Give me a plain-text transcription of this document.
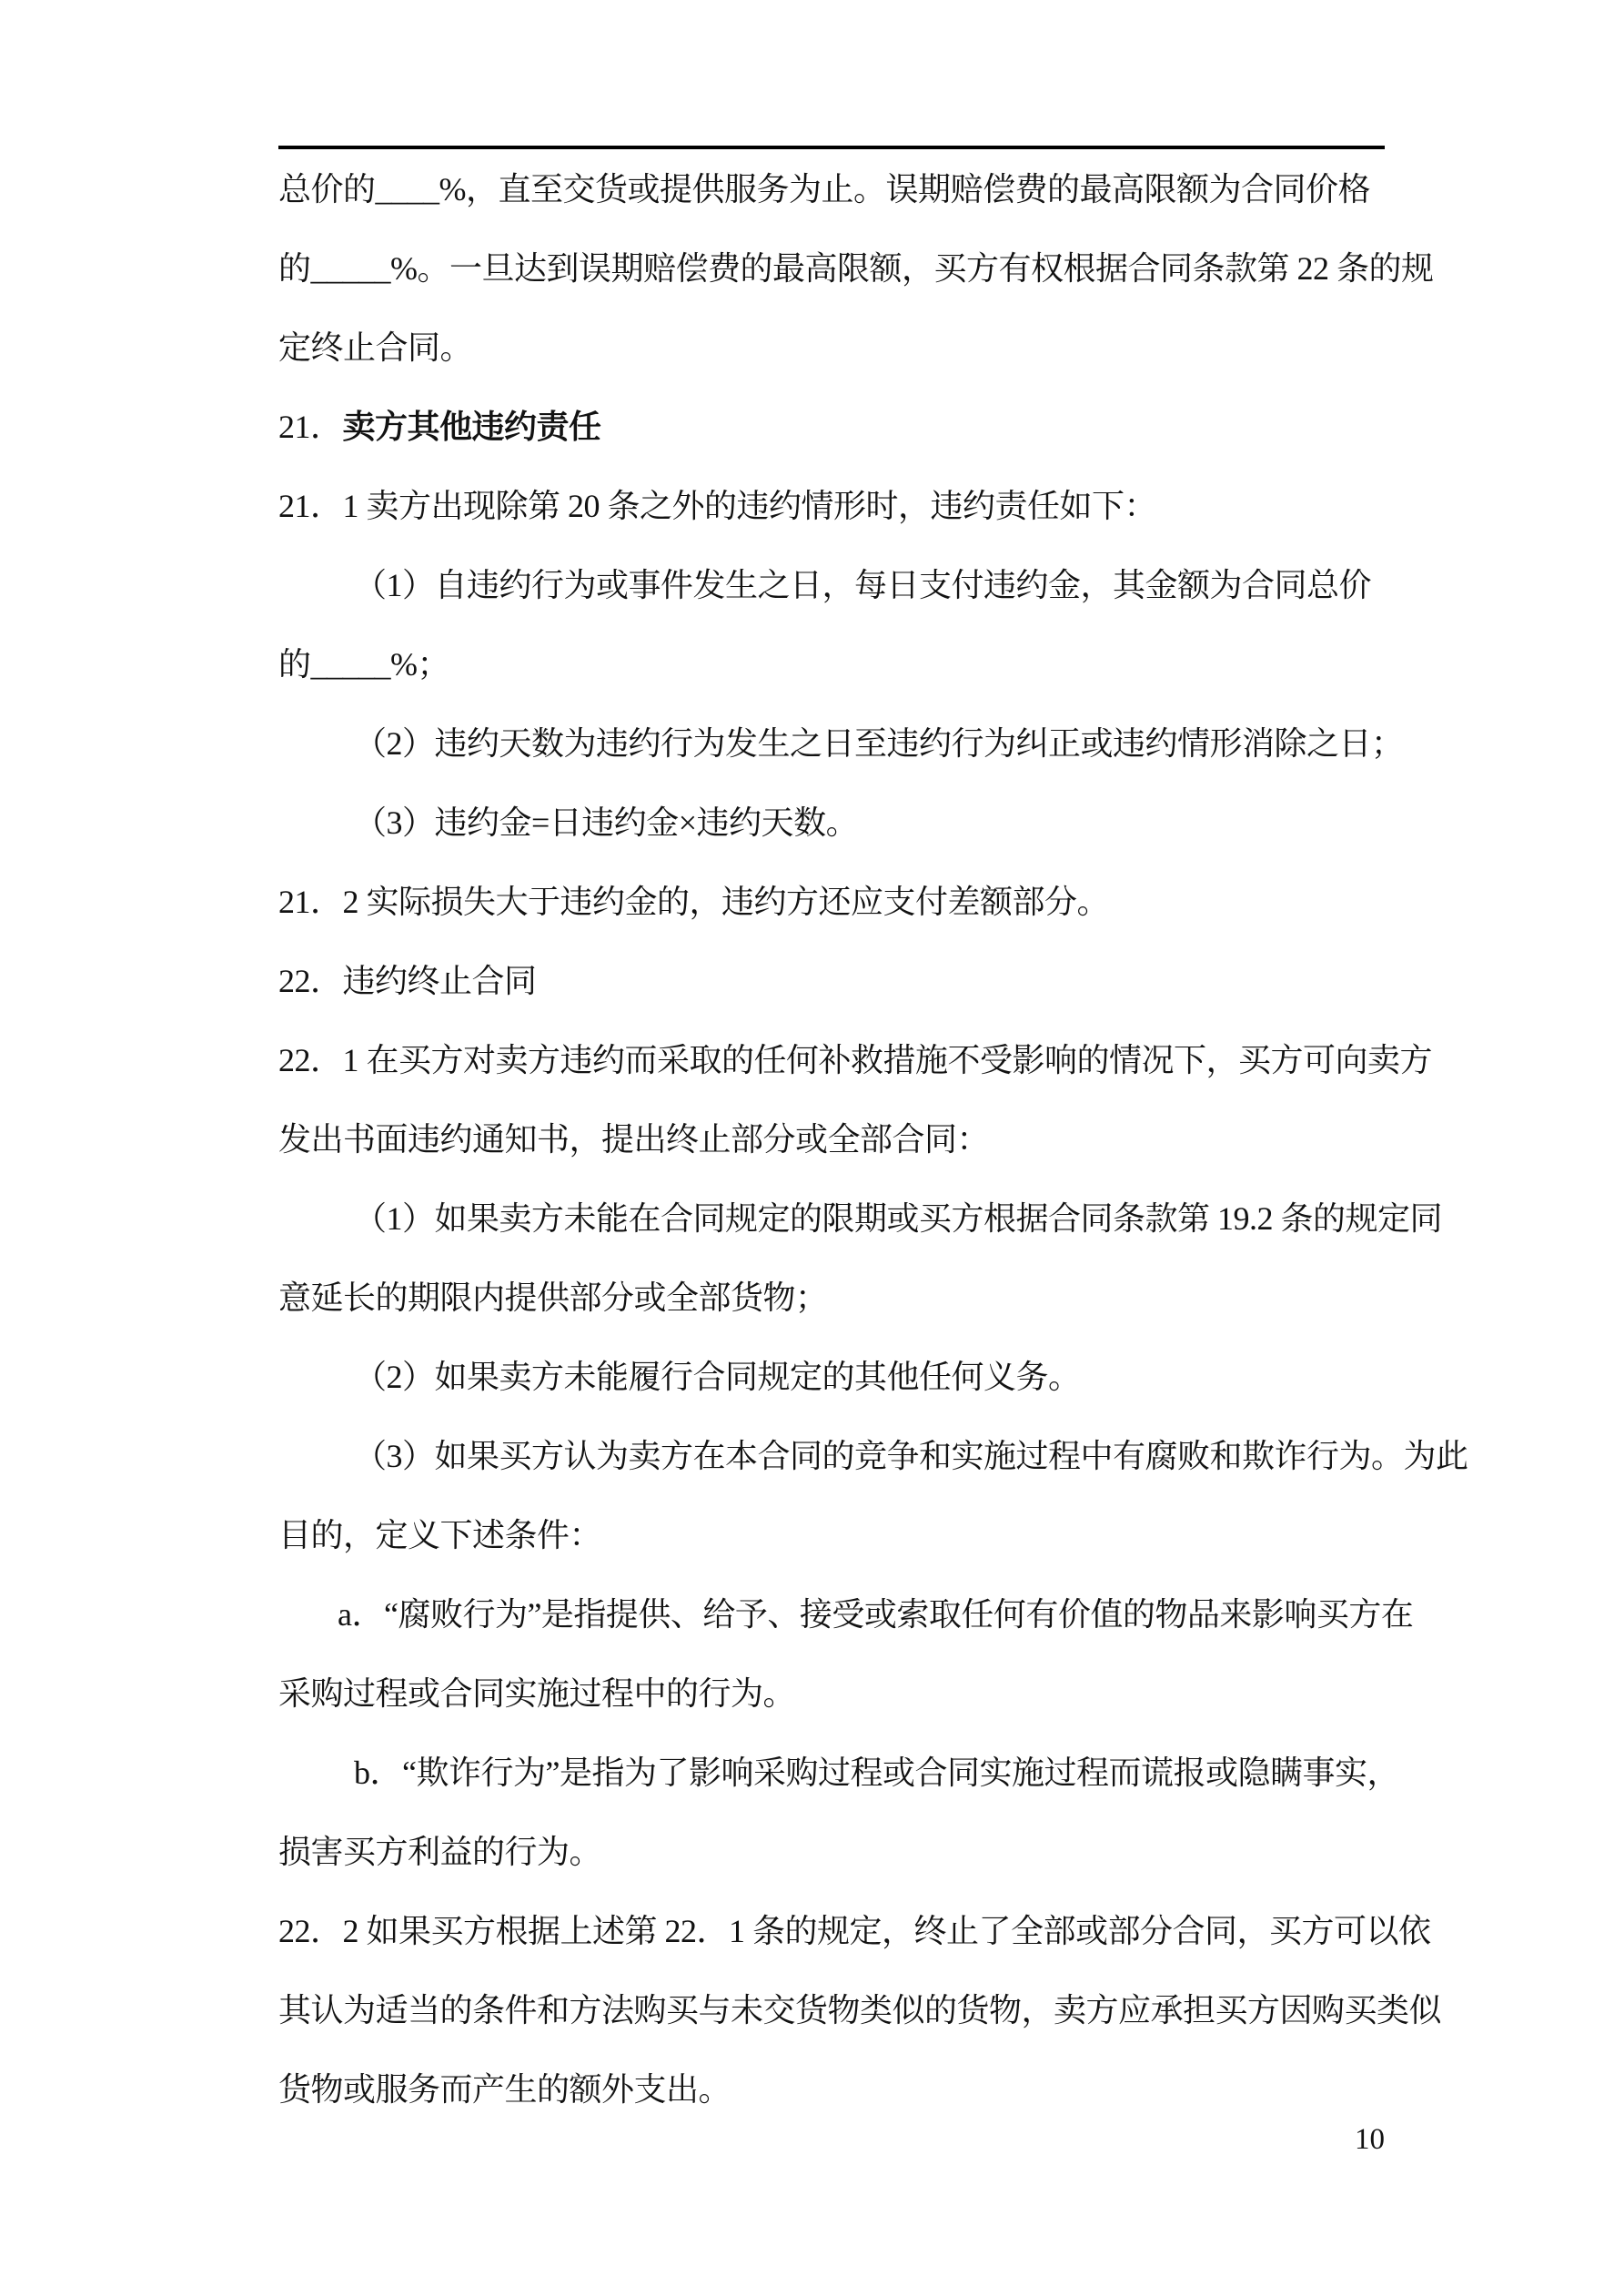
总价的____%，直至交货或提供服务为止。误期赔偿费的最高限额为合同价格
的_____%。一旦达到误期赔偿费的最高限额，买方有权根据合同条款第 22 条的规
定终止合同。
21．卖方其他违约责任
21．1 卖方出现除第 20 条之外的违约情形时，违约责任如下：
（1）自违约行为或事件发生之日，每日支付违约金，其金额为合同总价
的_____%；
（2）违约天数为违约行为发生之日至违约行为纠正或违约情形消除之日；
（3）违约金=日违约金×违约天数。
21．2 实际损失大于违约金的，违约方还应支付差额部分。
22．违约终止合同
22．1 在买方对卖方违约而采取的任何补救措施不受影响的情况下，买方可向卖方
发出书面违约通知书，提出终止部分或全部合同：
（1）如果卖方未能在合同规定的限期或买方根据合同条款第 19.2 条的规定同
意延长的期限内提供部分或全部货物；
（2）如果卖方未能履行合同规定的其他任何义务。
（3）如果买方认为卖方在本合同的竞争和实施过程中有腐败和欺诈行为。为此
目的，定义下述条件：
a．“腐败行为”是指提供、给予、接受或索取任何有价值的物品来影响买方在
采购过程或合同实施过程中的行为。
b．“欺诈行为”是指为了影响采购过程或合同实施过程而谎报或隐瞒事实，
损害买方利益的行为。
22．2 如果买方根据上述第 22．1 条的规定，终止了全部或部分合同，买方可以依
其认为适当的条件和方法购买与未交货物类似的货物，卖方应承担买方因购买类似
货物或服务而产生的额外支出。
10
